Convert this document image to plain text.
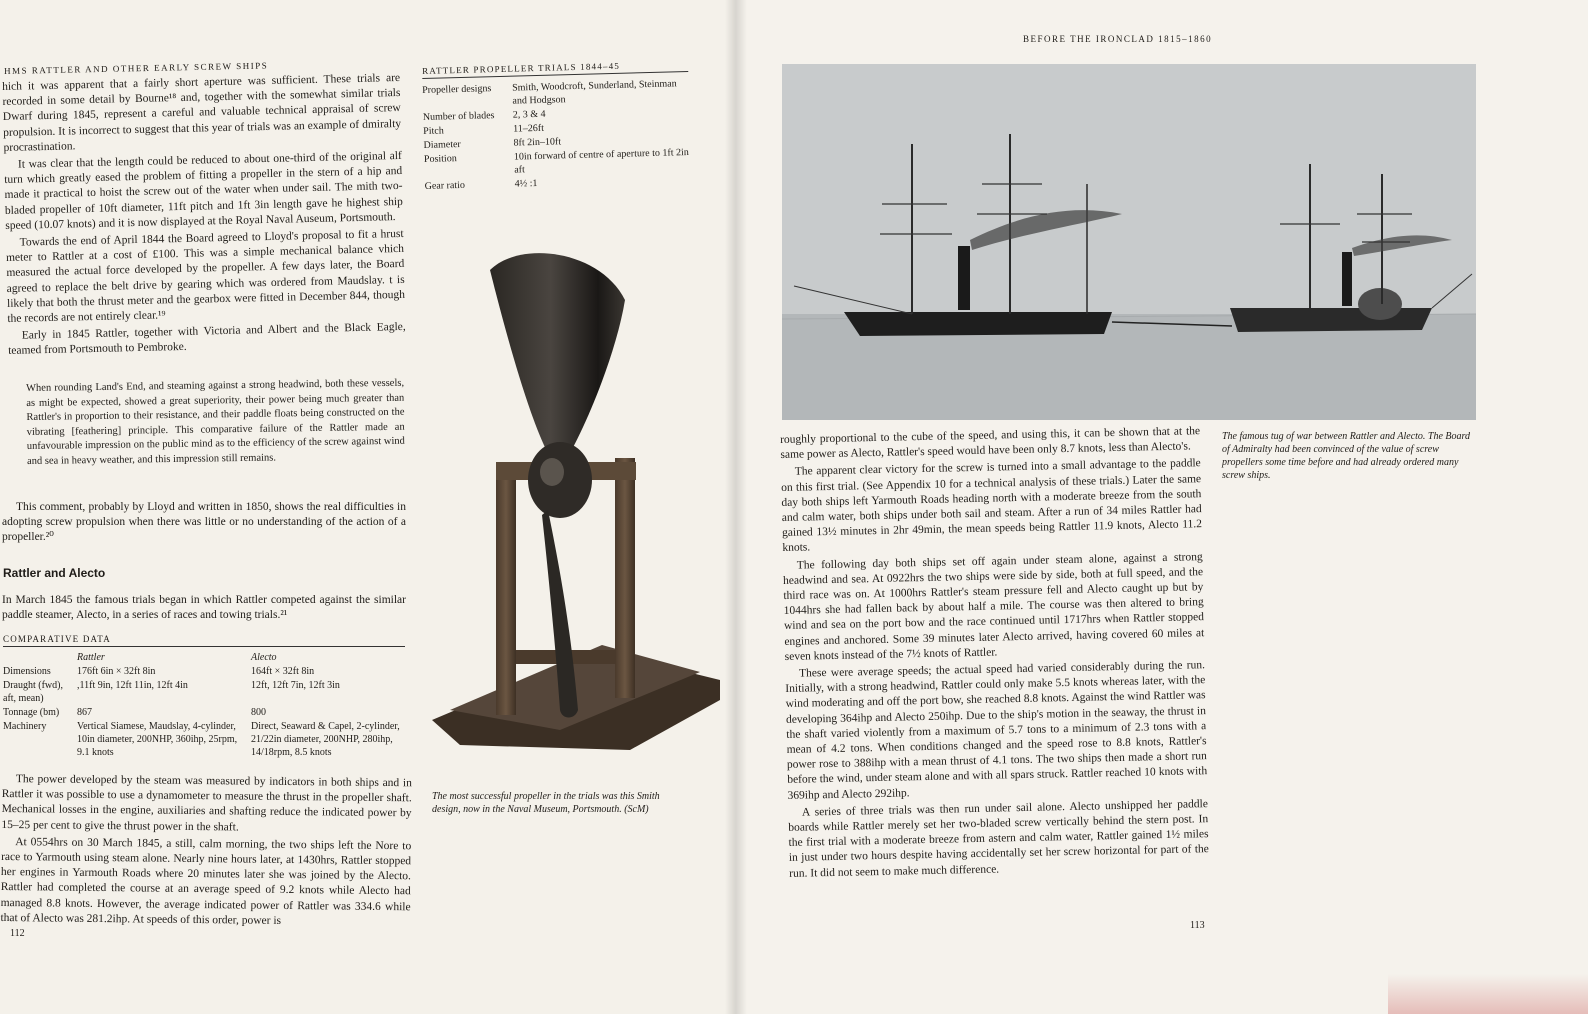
HMS RATTLER AND OTHER EARLY SCREW SHIPS

hich it was apparent that a fairly short aperture was sufficient. These trials are recorded in some detail by Bourne¹⁸ and, together with the somewhat similar trials Dwarf during 1845, represent a careful and valuable technical appraisal of screw propulsion. It is incorrect to suggest that this year of trials was an example of dmiralty procrastination.

It was clear that the length could be reduced to about one-third of the original alf turn which greatly eased the problem of fitting a propeller in the stern of a hip and made it practical to hoist the screw out of the water when under sail. The mith two-bladed propeller of 10ft diameter, 11ft pitch and 1ft 3in length gave he highest ship speed (10.07 knots) and it is now displayed at the Royal Naval Auseum, Portsmouth.

Towards the end of April 1844 the Board agreed to Lloyd's proposal to fit a hrust meter to Rattler at a cost of £100. This was a simple mechanical balance vhich measured the actual force developed by the propeller. A few days later, the Board agreed to replace the belt drive by gearing which was ordered from Maudslay. t is likely that both the thrust meter and the gearbox were fitted in December 844, though the records are not entirely clear.¹⁹

Early in 1845 Rattler, together with Victoria and Albert and the Black Eagle, teamed from Portsmouth to Pembroke.

When rounding Land's End, and steaming against a strong headwind, both these vessels, as might be expected, showed a great superiority, their power being much greater than Rattler's in proportion to their resistance, and their paddle floats being constructed on the vibrating [feathering] principle. This comparative failure of the Rattler made an unfavourable impression on the public mind as to the efficiency of the screw against wind and sea in heavy weather, and this impression still remains.

This comment, probably by Lloyd and written in 1850, shows the real difficulties in adopting screw propulsion when there was little or no understanding of the action of a propeller.²⁰

Rattler and Alecto

In March 1845 the famous trials began in which Rattler competed against the similar paddle steamer, Alecto, in a series of races and towing trials.²¹

COMPARATIVE DATA
	Rattler	Alecto
Dimensions	176ft 6in × 32ft 8in	164ft × 32ft 8in
Draught (fwd), aft, mean)	,11ft 9in, 12ft 11in, 12ft 4in	12ft, 12ft 7in, 12ft 3in
Tonnage (bm)	867	800
Machinery	Vertical Siamese, Maudslay, 4-cylinder, 10in diameter, 200NHP, 360ihp, 25rpm, 9.1 knots	Direct, Seaward & Capel, 2-cylinder, 21/22in diameter, 200NHP, 280ihp, 14/18rpm, 8.5 knots

The power developed by the steam was measured by indicators in both ships and in Rattler it was possible to use a dynamometer to measure the thrust in the propeller shaft. Mechanical losses in the engine, auxiliaries and shafting reduce the indicated power by 15–25 per cent to give the thrust power in the shaft.

At 0554hrs on 30 March 1845, a still, calm morning, the two ships left the Nore to race to Yarmouth using steam alone. Nearly nine hours later, at 1430hrs, Rattler stopped her engines in Yarmouth Roads where 20 minutes later she was joined by the Alecto. Rattler had completed the course at an average speed of 9.2 knots while Alecto had managed 8.8 knots. However, the average indicated power of Rattler was 334.6 while that of Alecto was 281.2ihp. At speeds of this order, power is

112
RATTLER PROPELLER TRIALS 1844–45
Propeller designs	Smith, Woodcroft, Sunderland, Steinman and Hodgson
Number of blades	2, 3 & 4
Pitch	11–26ft
Diameter	8ft 2in–10ft
Position	10in forward of centre of aperture to 1ft 2in aft
Gear ratio	4½ :1
The most successful propeller in the trials was this Smith design, now in the Naval Museum, Portsmouth. (ScM)
BEFORE THE IRONCLAD 1815–1860
The famous tug of war between Rattler and Alecto. The Board of Admiralty had been convinced of the value of screw propellers some time before and had already ordered many screw ships.

roughly proportional to the cube of the speed, and using this, it can be shown that at the same power as Alecto, Rattler's speed would have been only 8.7 knots, less than Alecto's.

The apparent clear victory for the screw is turned into a small advantage to the paddle on this first trial. (See Appendix 10 for a technical analysis of these trials.) Later the same day both ships left Yarmouth Roads heading north with a moderate breeze from the south and calm water, both ships under both sail and steam. After a run of 34 miles Rattler had gained 13½ minutes in 2hr 49min, the mean speeds being Rattler 11.9 knots, Alecto 11.2 knots.

The following day both ships set off again under steam alone, against a strong headwind and sea. At 0922hrs the two ships were side by side, both at full speed, and the third race was on. At 1000hrs Rattler's steam pressure fell and Alecto caught up but by 1044hrs she had fallen back by about half a mile. The course was then altered to bring wind and sea on the port bow and the race continued until 1717hrs when Rattler stopped engines and anchored. Some 39 minutes later Alecto arrived, having covered 60 miles at seven knots instead of the 7½ knots of Rattler.

These were average speeds; the actual speed had varied considerably during the run. Initially, with a strong headwind, Rattler could only make 5.5 knots whereas later, with the wind moderating and off the port bow, she reached 8.8 knots. Against the wind Rattler was developing 364ihp and Alecto 250ihp. Due to the ship's motion in the seaway, the thrust in the shaft varied violently from a maximum of 5.7 tons to a minimum of 2.3 tons with a mean of 4.2 tons. When conditions changed and the speed rose to 8.8 knots, Rattler's power rose to 388ihp with a mean thrust of 4.1 tons. The two ships then made a short run before the wind, under steam alone and with all spars struck. Rattler reached 10 knots with 369ihp and Alecto 292ihp.

A series of three trials was then run under sail alone. Alecto unshipped her paddle boards while Rattler merely set her two-bladed screw vertically behind the stern post. In the first trial with a moderate breeze from astern and calm water, Rattler gained 1½ miles in just under two hours despite having accidentally set her screw horizontal for part of the run. It did not seem to make much difference.

113
